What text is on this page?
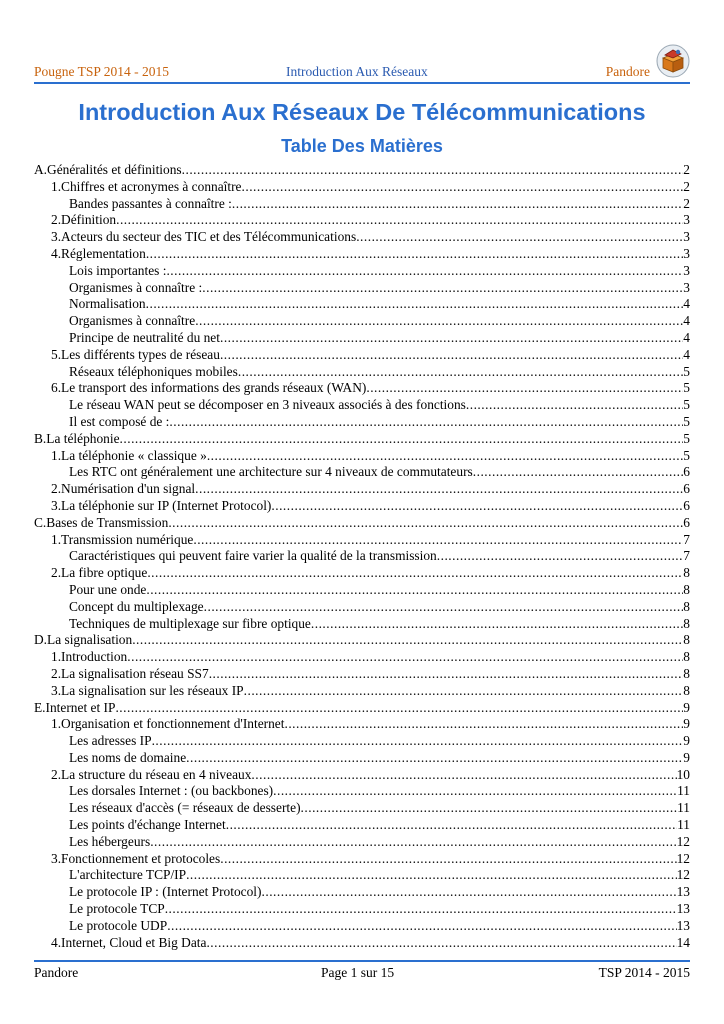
Pougne TSP 2014 - 2015	Introduction Aux Réseaux	Pandore
Introduction Aux Réseaux De Télécommunications
Table Des Matières
A.Généralités et définitions .....	2
1.Chiffres et acronymes à connaître .....	2
Bandes passantes à connaître : .....	2
2.Définition .....	3
3.Acteurs du secteur des TIC et des Télécommunications .....	3
4.Réglementation .....	3
Lois importantes : .....	3
Organismes à connaître : .....	3
Normalisation .....	4
Organismes à connaître .....	4
Principe de neutralité du net .....	4
5.Les différents types de réseau .....	4
Réseaux téléphoniques mobiles .....	5
6.Le transport des informations des grands réseaux (WAN) .....	5
Le réseau WAN peut se décomposer en 3 niveaux associés à des fonctions .....	5
Il est composé de : .....	5
B.La téléphonie .....	5
1.La téléphonie « classique » .....	5
Les RTC ont généralement une architecture sur 4 niveaux de commutateurs .....	6
2.Numérisation d'un signal .....	6
3.La téléphonie sur IP (Internet Protocol) .....	6
C.Bases de Transmission .....	6
1.Transmission numérique .....	7
Caractéristiques qui peuvent faire varier la qualité de la transmission .....	7
2.La fibre optique .....	8
Pour une onde .....	8
Concept du multiplexage .....	8
Techniques de multiplexage sur fibre optique .....	8
D.La signalisation .....	8
1.Introduction .....	8
2.La signalisation réseau SS7 .....	8
3.La signalisation sur les réseaux IP .....	8
E.Internet et IP .....	9
1.Organisation et fonctionnement d'Internet .....	9
Les adresses IP .....	9
Les noms de domaine .....	9
2.La structure du réseau en 4 niveaux .....	10
Les dorsales Internet : (ou backbones) .....	11
Les réseaux d'accès (= réseaux de desserte) .....	11
Les points d'échange Internet .....	11
Les hébergeurs .....	12
3.Fonctionnement et protocoles .....	12
L'architecture TCP/IP .....	12
Le protocole IP : (Internet Protocol) .....	13
Le protocole TCP .....	13
Le protocole UDP .....	13
4.Internet, Cloud et Big Data .....	14
Pandore	Page 1 sur 15	TSP 2014 - 2015
